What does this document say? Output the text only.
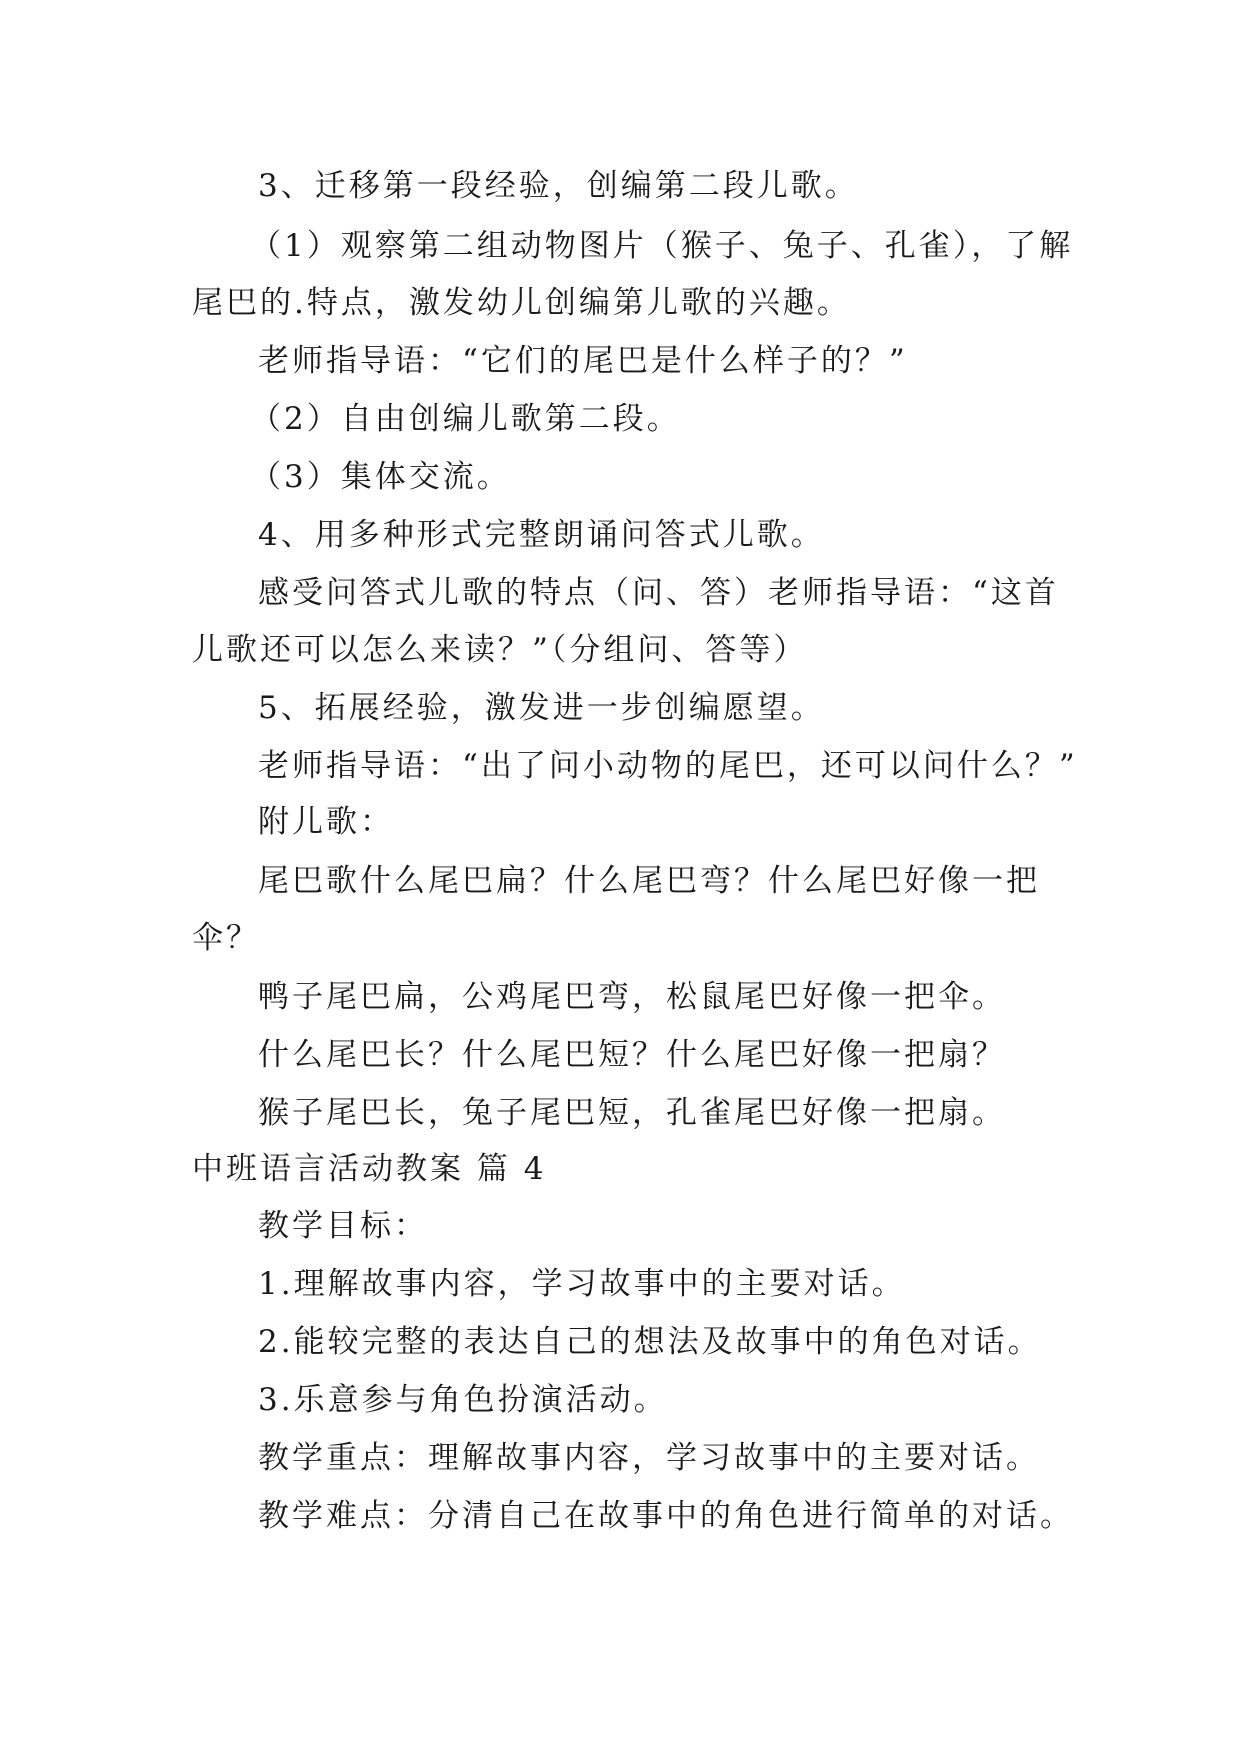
3、迁移第一段经验，创编第二段儿歌。
（1）观察第二组动物图片（猴子、兔子、孔雀），了解
尾巴的.特点，激发幼儿创编第儿歌的兴趣。
老师指导语：“它们的尾巴是什么样子的？”
（2）自由创编儿歌第二段。
（3）集体交流。
4、用多种形式完整朗诵问答式儿歌。
感受问答式儿歌的特点（问、答）老师指导语：“这首
儿歌还可以怎么来读？”（分组问、答等）
5、拓展经验，激发进一步创编愿望。
老师指导语：“出了问小动物的尾巴，还可以问什么？”
附儿歌：
尾巴歌什么尾巴扁？什么尾巴弯？什么尾巴好像一把
伞？
鸭子尾巴扁，公鸡尾巴弯，松鼠尾巴好像一把伞。
什么尾巴长？什么尾巴短？什么尾巴好像一把扇？
猴子尾巴长，兔子尾巴短，孔雀尾巴好像一把扇。
中班语言活动教案 篇 4
教学目标：
1.理解故事内容，学习故事中的主要对话。
2.能较完整的表达自己的想法及故事中的角色对话。
3.乐意参与角色扮演活动。
教学重点：理解故事内容，学习故事中的主要对话。
教学难点：分清自己在故事中的角色进行简单的对话。
